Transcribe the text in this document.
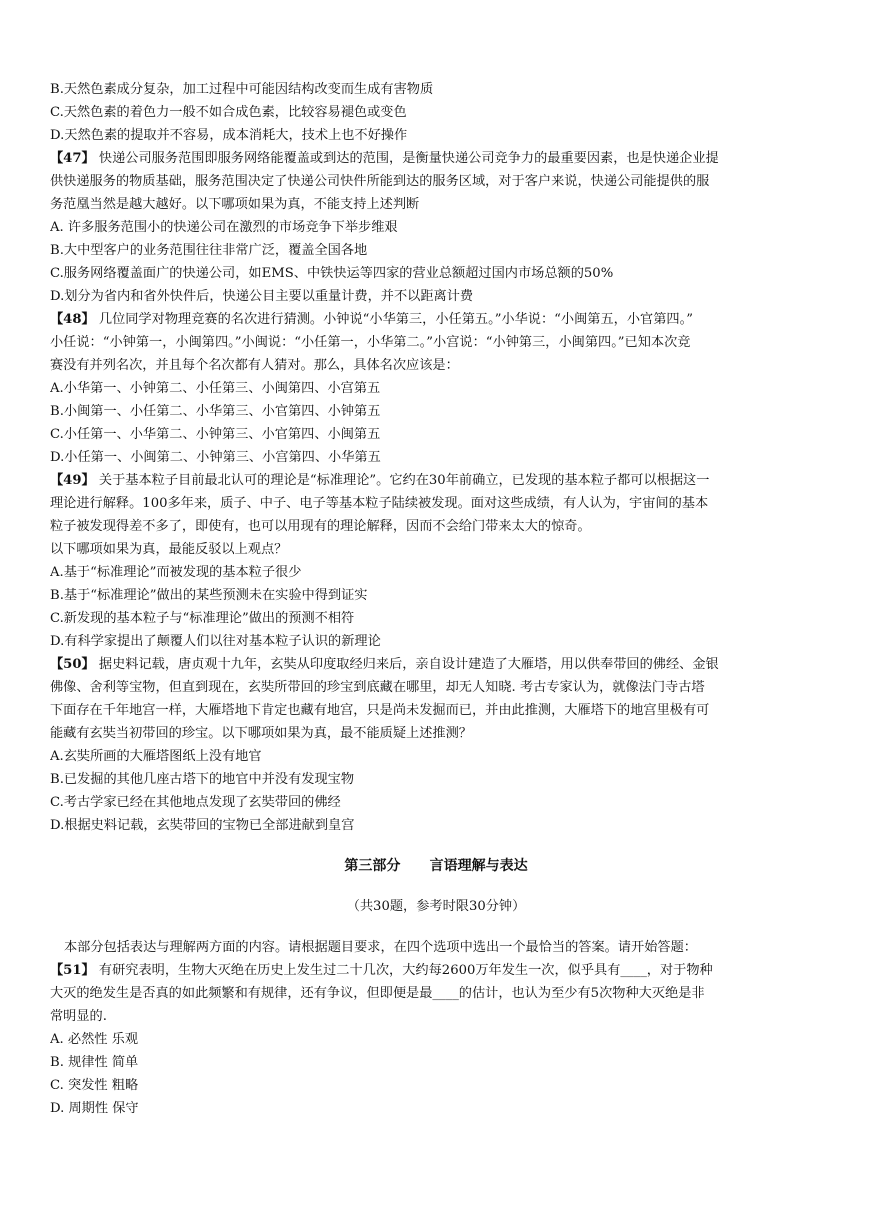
B.天然色素成分复杂，加工过程中可能因结构改变而生成有害物质
C.天然色素的着色力一般不如合成色素，比较容易褪色或变色
D.天然色素的提取并不容易，成本消耗大，技术上也不好操作
【47】 快递公司服务范围即服务网络能覆盖或到达的范围，是衡量快递公司竞争力的最重要因素，也是快递企业提
供快递服务的物质基础，服务范围决定了快递公司快件所能到达的服务区域，对于客户来说，快递公司能提供的服
务范凰当然是越大越好。以下哪项如果为真，不能支持上述判断
A. 许多服务范围小的快递公司在激烈的市场竞争下举步维艰
B.大中型客户的业务范围往往非常广泛，覆盖全国各地
C.服务网络覆盖面广的快递公司，如EMS、中铁快运等四家的营业总额超过国内市场总额的50%
D.划分为省内和省外快件后，快递公目主要以重量计费，并不以距离计费
【48】 几位同学对物理竞赛的名次进行猜测。小钟说“小华第三，小任第五。”小华说：“小闽第五，小官第四。”
小任说：“小钟第一，小闽第四。”小闽说：“小任第一，小华第二。”小宫说：“小钟第三，小闽第四。”已知本次竞
赛没有并列名次，并且每个名次都有人猜对。那么，具体名次应该是：
A.小华第一、小钟第二、小任第三、小闽第四、小宫第五
B.小闽第一、小任第二、小华第三、小官第四、小钟第五
C.小任第一、小华第二、小钟第三、小官第四、小闽第五
D.小任第一、小闽第二、小钟第三、小宫第四、小华第五
【49】 关于基本粒子目前最北认可的理论是“标准理论”。它约在30年前确立，已发现的基本粒子都可以根据这一
理论进行解释。100多年来，质子、中子、电子等基本粒子陆续被发现。面对这些成绩，有人认为，宇宙间的基本
粒子被发现得差不多了，即使有，也可以用现有的理论解释，因而不会给门带来太大的惊奇。
以下哪项如果为真，最能反驳以上观点？
A.基于“标准理论”而被发现的基本粒子很少
B.基于“标准理论”做出的某些预测未在实验中得到证实
C.新发现的基本粒子与“标准理论”做出的预测不相符
D.有科学家提出了颠覆人们以往对基本粒子认识的新理论
【50】 据史料记载，唐贞观十九年，玄奘从印度取经归来后，亲自设计建造了大雁塔，用以供奉带回的佛经、金银
佛像、舍利等宝物，但直到现在，玄奘所带回的珍宝到底藏在哪里，却无人知晓. 考古专家认为，就像法门寺古塔
下面存在千年地宫一样，大雁塔地下肯定也藏有地宫，只是尚未发掘而已，并由此推测，大雁塔下的地宫里极有可
能藏有玄奘当初带回的珍宝。以下哪项如果为真，最不能质疑上述推测？
A.玄奘所画的大雁塔图纸上没有地官
B.已发掘的其他几座古塔下的地官中并没有发现宝物
C.考古学家已经在其他地点发现了玄奘带回的佛经
D.根据史料记载，玄奘带回的宝物已全部进献到皇宫
第三部分      言语理解与表达
（共30题，参考时限30分钟）
本部分包括表达与理解两方面的内容。请根据题目要求，在四个选项中选出一个最恰当的答案。请开始答题：
【51】 有研究表明，生物大灭绝在历史上发生过二十几次，大约每2600万年发生一次，似乎具有____，对于物种
大灭的绝发生是否真的如此频繁和有规律，还有争议，但即便是最____的估计，也认为至少有5次物种大灭绝是非
常明显的.
A. 必然性 乐观
B. 规律性 简单
C. 突发性 粗略
D. 周期性 保守
